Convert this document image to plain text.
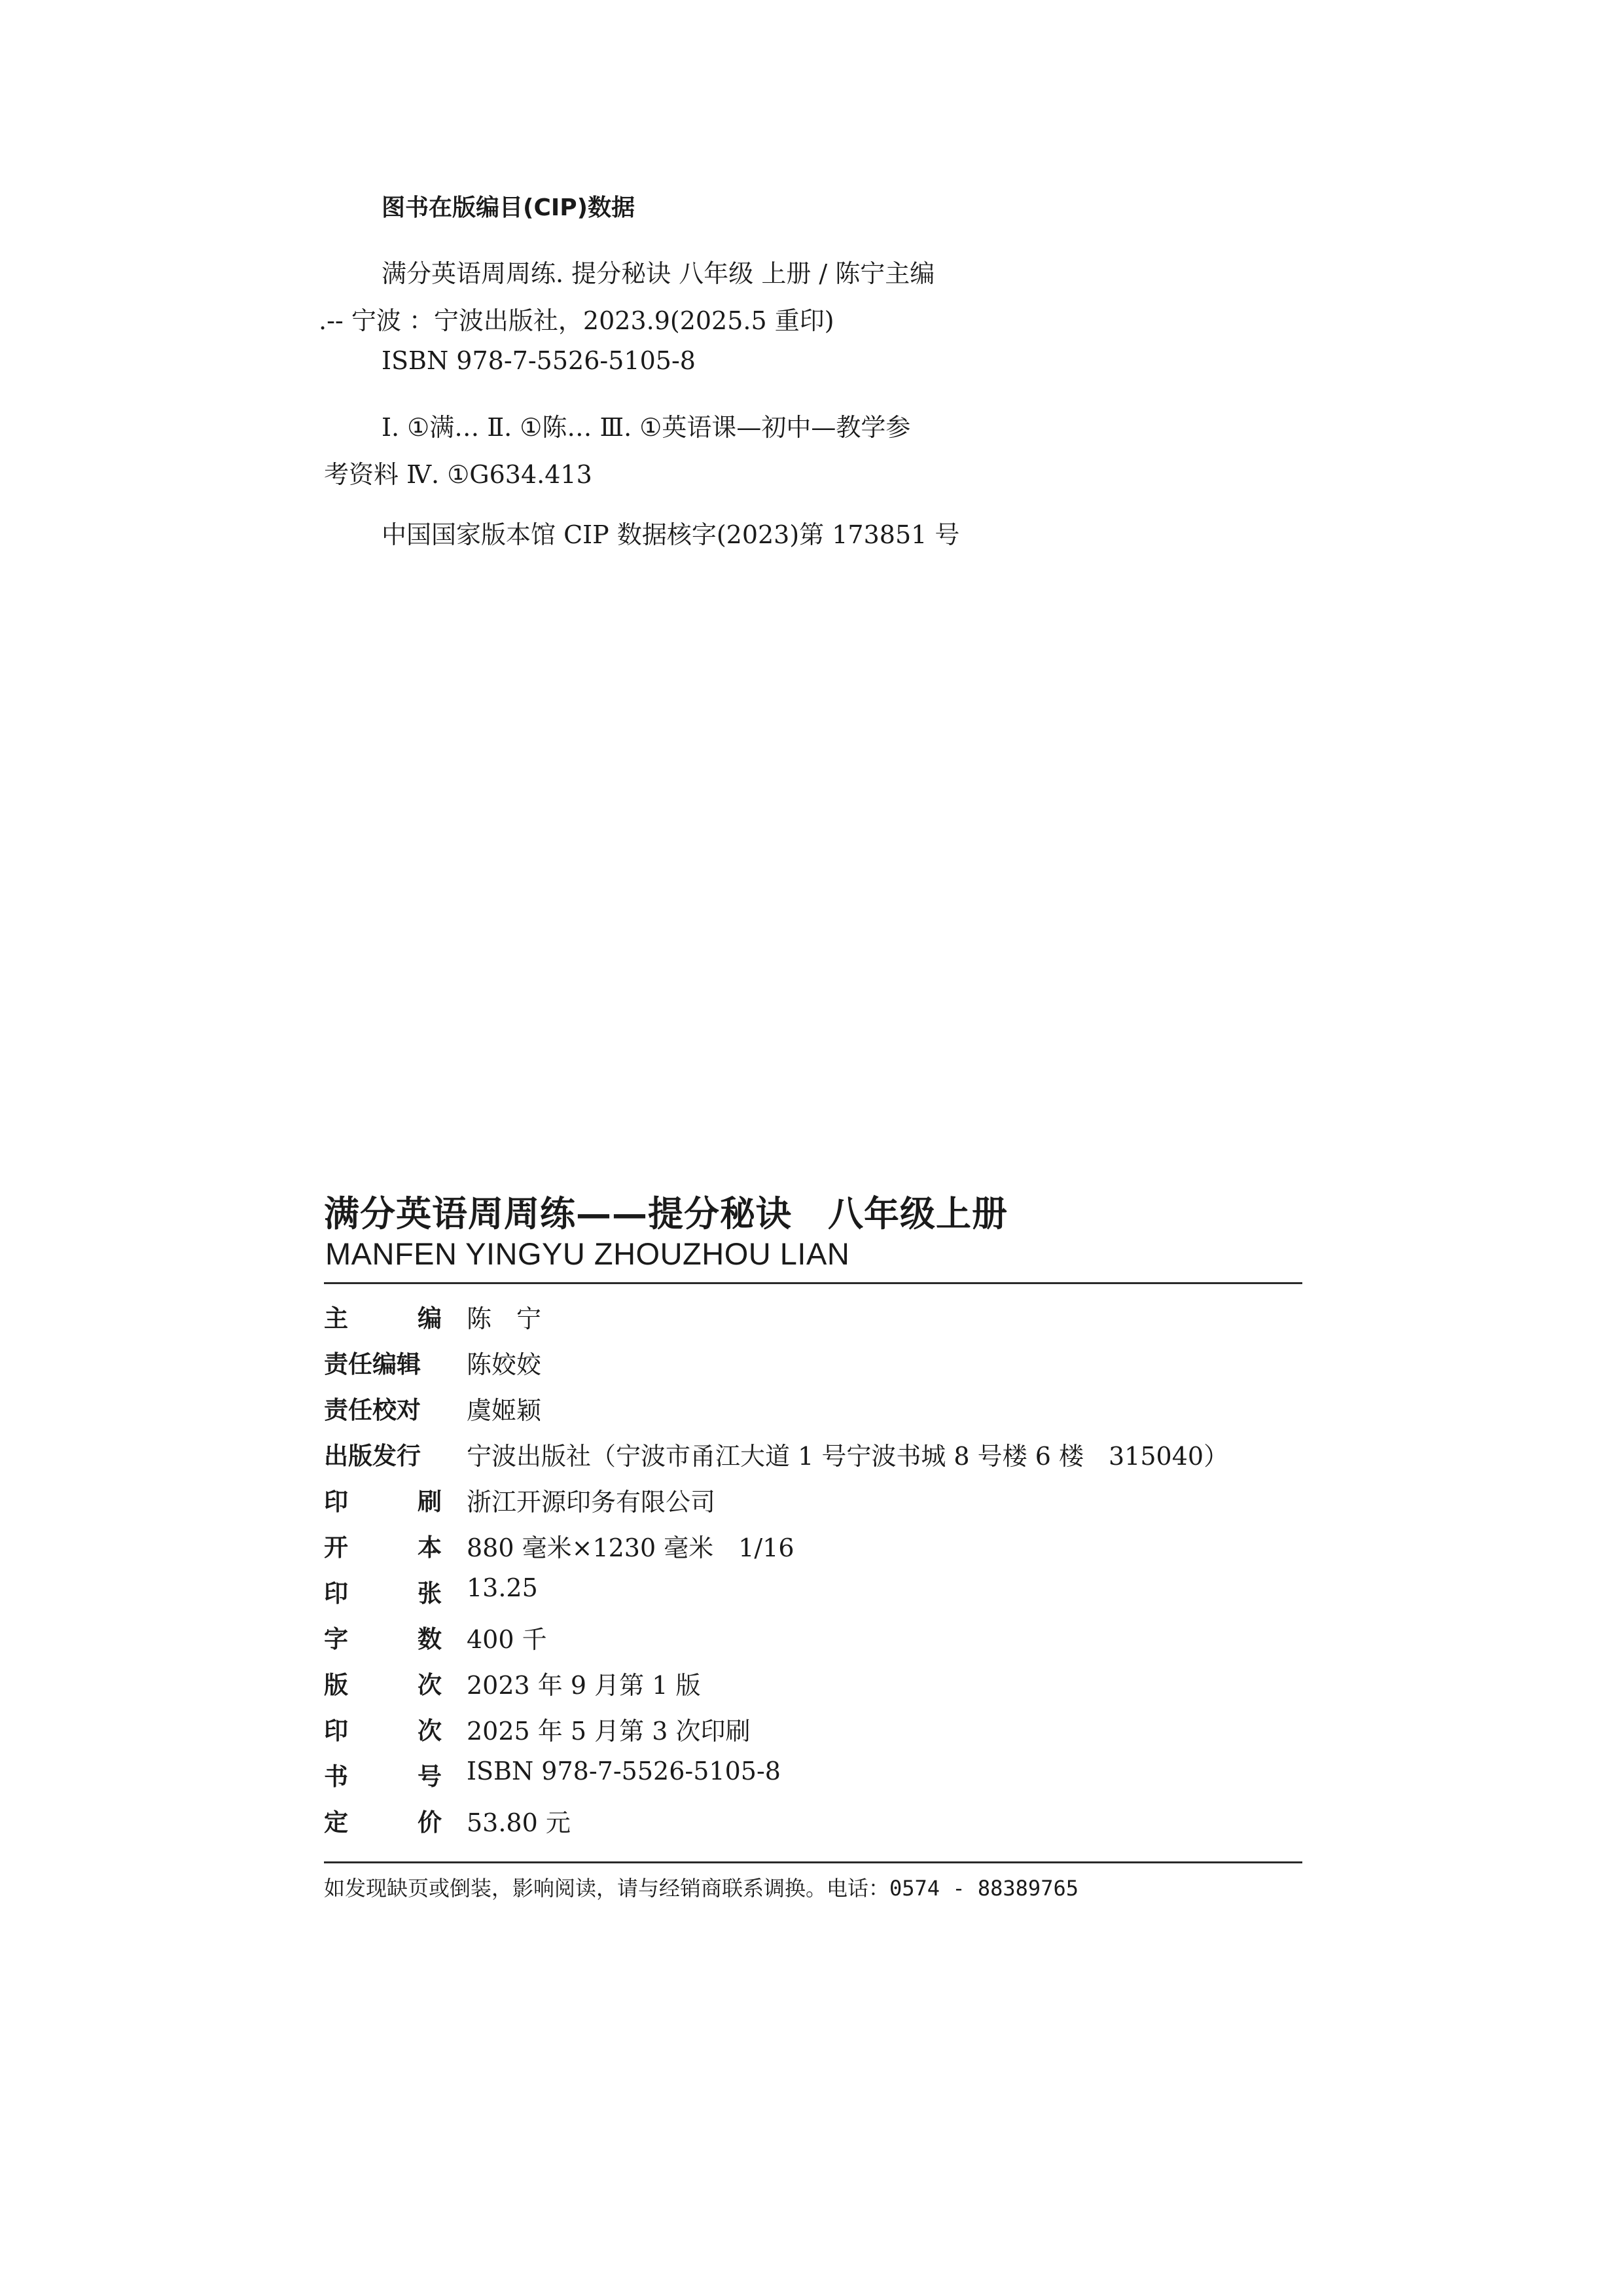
图书在版编目(CIP)数据
满分英语周周练. 提分秘诀 八年级 上册 / 陈宁主编
.-- 宁波 ：宁波出版社，2023.9(2025.5 重印)
ISBN 978-7-5526-5105-8
Ⅰ. ①满… Ⅱ. ①陈… Ⅲ. ①英语课—初中—教学参
考资料 Ⅳ. ①G634.413
中国国家版本馆 CIP 数据核字(2023)第 173851 号
满分英语周周练——提分秘诀　八年级上册
MANFEN YINGYU ZHOUZHOU LIAN
主	编 陈　宁
责任编辑 陈姣姣
责任校对 虞姬颖
出版发行 宁波出版社（宁波市甬江大道 1 号宁波书城 8 号楼 6 楼　315040）
印	刷 浙江开源印务有限公司
开	本 880 毫米×1230 毫米　1/16
印	张 13.25
字	数 400 千
版	次 2023 年 9 月第 1 版
印	次 2025 年 5 月第 3 次印刷
书	号 ISBN 978-7-5526-5105-8
定	价 53.80 元
如发现缺页或倒装，影响阅读，请与经销商联系调换。电话：0574 - 88389765
